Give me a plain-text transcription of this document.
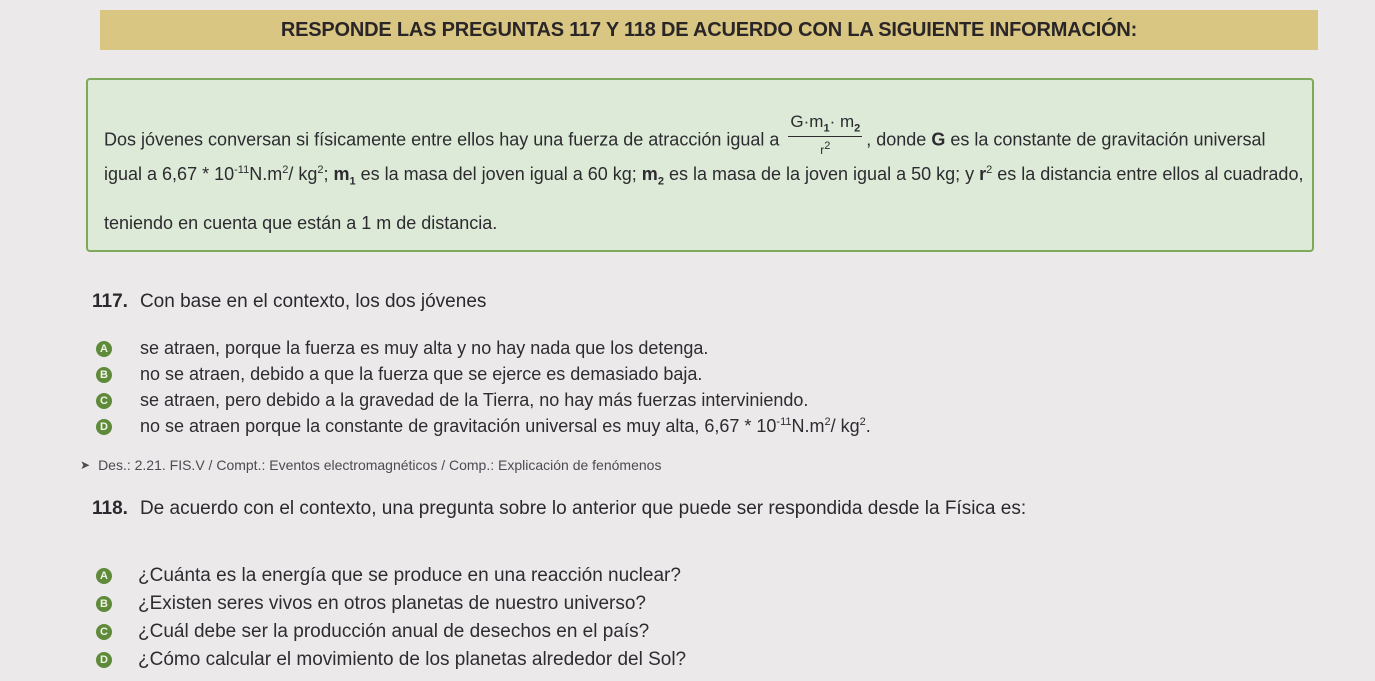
RESPONDE LAS PREGUNTAS 117 Y 118 DE ACUERDO CON LA SIGUIENTE INFORMACIÓN:
Dos jóvenes conversan si físicamente entre ellos hay una fuerza de atracción igual a $\frac{G\cdot m_1\cdot m_2}{r^2}$ , donde G es la constante de gravitación universal
igual a $6,67 * 10^{-11}N.m^2/$ $kg^2$; $m_1$ es la masa del joven igual a 60 kg; $m_2$ es la masa de la joven igual a 50 kg; y $r^2$ es la distancia entre ellos al cuadrado,
teniendo en cuenta que están a 1 m de distancia.
117. Con base en el contexto, los dos jóvenes
A se atraen, porque la fuerza es muy alta y no hay nada que los detenga.
B no se atraen, debido a que la fuerza que se ejerce es demasiado baja.
C se atraen, pero debido a la gravedad de la Tierra, no hay más fuerzas interviniendo.
D no se atraen porque la constante de gravitación universal es muy alta, $6,67 * 10^{-11}N.m^2/$ $kg^2$.
➤ Des.: 2.21. FIS.V / Compt.: Eventos electromagnéticos / Comp.: Explicación de fenómenos
118. De acuerdo con el contexto, una pregunta sobre lo anterior que puede ser respondida desde la Física es:
A ¿Cuánta es la energía que se produce en una reacción nuclear?
B ¿Existen seres vivos en otros planetas de nuestro universo?
C ¿Cuál debe ser la producción anual de desechos en el país?
D ¿Cómo calcular el movimiento de los planetas alrededor del Sol?
